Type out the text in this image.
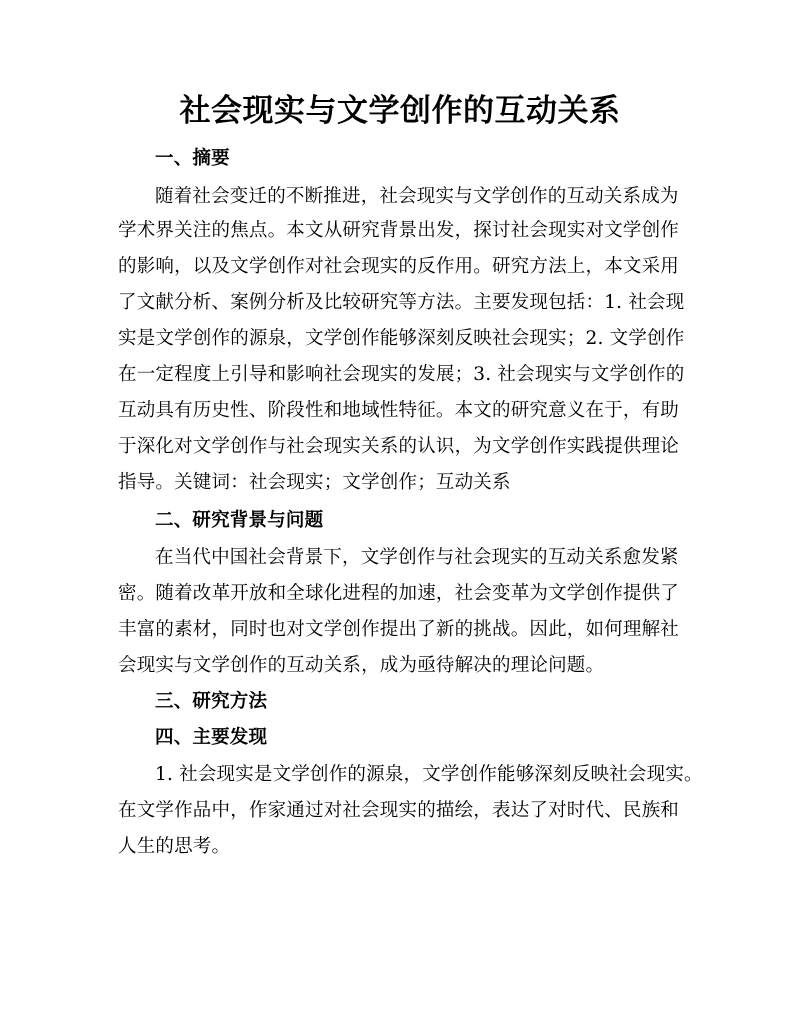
社会现实与文学创作的互动关系
一、摘要
随着社会变迁的不断推进，社会现实与文学创作的互动关系成为
学术界关注的焦点。本文从研究背景出发，探讨社会现实对文学创作
的影响，以及文学创作对社会现实的反作用。研究方法上，本文采用
了文献分析、案例分析及比较研究等方法。主要发现包括：1. 社会现
实是文学创作的源泉，文学创作能够深刻反映社会现实；2. 文学创作
在一定程度上引导和影响社会现实的发展；3. 社会现实与文学创作的
互动具有历史性、阶段性和地域性特征。本文的研究意义在于，有助
于深化对文学创作与社会现实关系的认识，为文学创作实践提供理论
指导。关键词：社会现实；文学创作；互动关系
二、研究背景与问题
在当代中国社会背景下，文学创作与社会现实的互动关系愈发紧
密。随着改革开放和全球化进程的加速，社会变革为文学创作提供了
丰富的素材，同时也对文学创作提出了新的挑战。因此，如何理解社
会现实与文学创作的互动关系，成为亟待解决的理论问题。
三、研究方法
四、主要发现
1. 社会现实是文学创作的源泉，文学创作能够深刻反映社会现实。
在文学作品中，作家通过对社会现实的描绘，表达了对时代、民族和
人生的思考。
